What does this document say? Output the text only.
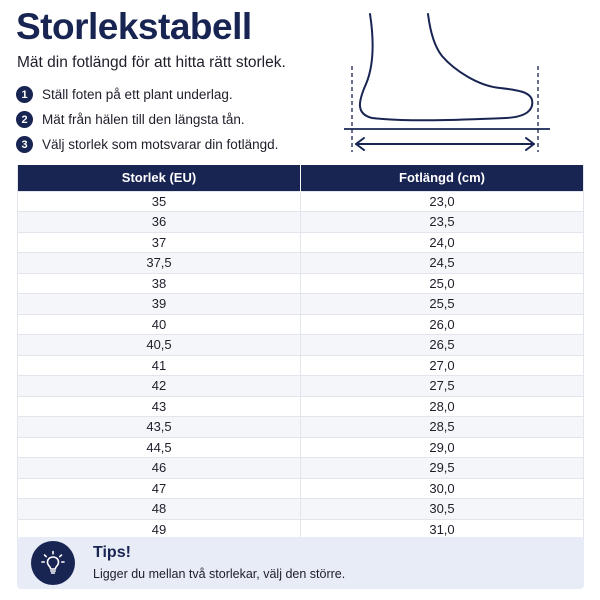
Storlekstabell
Mät din fotlängd för att hitta rätt storlek.
1	Ställ foten på ett plant underlag.
2	Mät från hälen till den längsta tån.
3	Välj storlek som motsvarar din fotlängd.
Storlek (EU)	Fotlängd (cm)
35	23,0
36	23,5
37	24,0
37,5	24,5
38	25,0
39	25,5
40	26,0
40,5	26,5
41	27,0
42	27,5
43	28,0
43,5	28,5
44,5	29,0
46	29,5
47	30,0
48	30,5
49	31,0
Tips!
Ligger du mellan två storlekar, välj den större.
